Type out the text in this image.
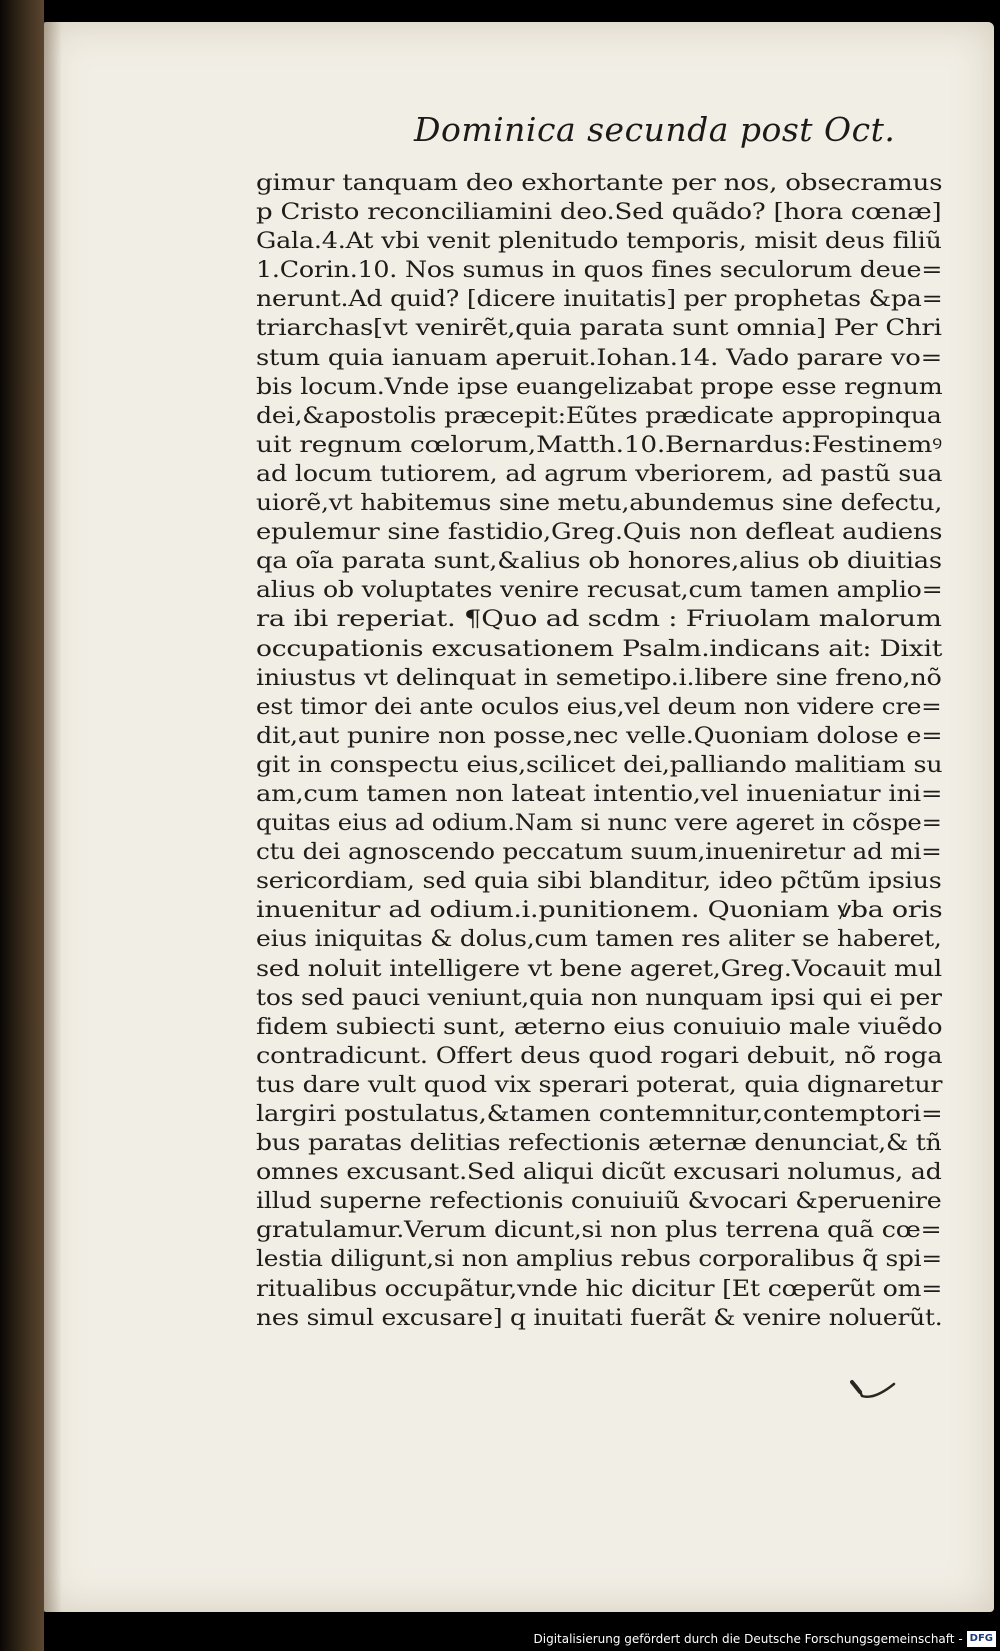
Dominica secunda post Oct.
gimur tanquam deo exhortante per nos, obsecramus
p Cristo reconciliamini deo.Sed quãdo? [hora cœnæ]
Gala.4.At vbi venit plenitudo temporis, misit deus filiũ
1.Corin.10. Nos sumus in quos fines seculorum deue=
nerunt.Ad quid? [dicere inuitatis] per prophetas &pa=
triarchas[vt venirẽt,quia parata sunt omnia] Per Chri
stum quia ianuam aperuit.Iohan.14. Vado parare vo=
bis locum.Vnde ipse euangelizabat prope esse regnum
dei,&apostolis præcepit:Eũtes prædicate appropinqua
uit regnum cœlorum,Matth.10.Bernardus:Festinemꝰ
ad locum tutiorem, ad agrum vberiorem, ad pastũ sua
uiorẽ,vt habitemus sine metu,abundemus sine defectu,
epulemur sine fastidio,Greg.Quis non defleat audiens
qa oĩa parata sunt,&alius ob honores,alius ob diuitias
alius ob voluptates venire recusat,cum tamen amplio=
ra ibi reperiat. ¶Quo ad scdm : Friuolam malorum
occupationis excusationem Psalm.indicans ait: Dixit
iniustus vt delinquat in semetipo.i.libere sine freno,nõ
est timor dei ante oculos eius,vel deum non videre cre=
dit,aut punire non posse,nec velle.Quoniam dolose e=
git in conspectu eius,scilicet dei,palliando malitiam su
am,cum tamen non lateat intentio,vel inueniatur ini=
quitas eius ad odium.Nam si nunc vere ageret in cõspe=
ctu dei agnoscendo peccatum suum,inueniretur ad mi=
sericordiam, sed quia sibi blanditur, ideo pc̃tũm ipsius
inuenitur ad odium.i.punitionem. Quoniam ꝟba oris
eius iniquitas & dolus,cum tamen res aliter se haberet,
sed noluit intelligere vt bene ageret,Greg.Vocauit mul
tos sed pauci veniunt,quia non nunquam ipsi qui ei per
fidem subiecti sunt, æterno eius conuiuio male viuẽdo
contradicunt. Offert deus quod rogari debuit, nõ roga
tus dare vult quod vix sperari poterat, quia dignaretur
largiri postulatus,&tamen contemnitur,contemptori=
bus paratas delitias refectionis æternæ denunciat,& tñ
omnes excusant.Sed aliqui dicũt excusari nolumus, ad
illud superne refectionis conuiuiũ &vocari &peruenire
gratulamur.Verum dicunt,si non plus terrena quã cœ=
lestia diligunt,si non amplius rebus corporalibus q̃ spi=
ritualibus occupãtur,vnde hic dicitur [Et cœperũt om=
nes simul excusare] q inuitati fuerãt & venire noluerũt.
Digitalisierung gefördert durch die Deutsche Forschungsgemeinschaft - DFG
